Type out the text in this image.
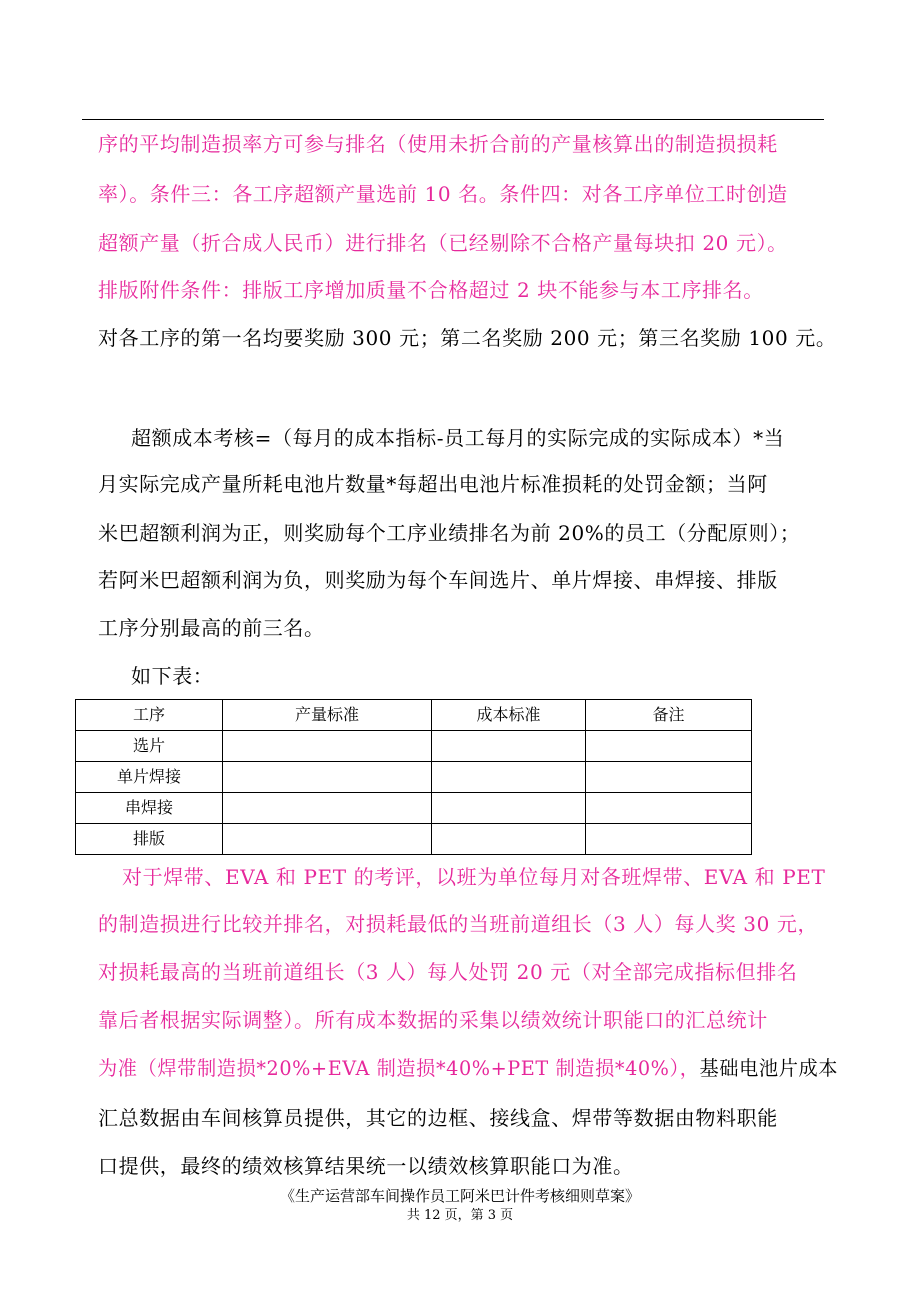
序的平均制造损率方可参与排名（使用未折合前的产量核算出的制造损损耗
率）。条件三：各工序超额产量选前 10 名。条件四：对各工序单位工时创造
超额产量（折合成人民币）进行排名（已经剔除不合格产量每块扣 20 元）。
排版附件条件：排版工序增加质量不合格超过 2 块不能参与本工序排名。
对各工序的第一名均要奖励 300 元；第二名奖励 200 元；第三名奖励 100 元。
超额成本考核=（每月的成本指标-员工每月的实际完成的实际成本）*当
月实际完成产量所耗电池片数量*每超出电池片标准损耗的处罚金额；当阿
米巴超额利润为正，则奖励每个工序业绩排名为前 20%的员工（分配原则）；
若阿米巴超额利润为负，则奖励为每个车间选片、单片焊接、串焊接、排版
工序分别最高的前三名。
如下表：
工序	产量标准	成本标准	备注
选片			
单片焊接			
串焊接			
排版			
对于焊带、EVA 和 PET 的考评，以班为单位每月对各班焊带、EVA 和 PET
的制造损进行比较并排名，对损耗最低的当班前道组长（3 人）每人奖 30 元，
对损耗最高的当班前道组长（3 人）每人处罚 20 元（对全部完成指标但排名
靠后者根据实际调整）。所有成本数据的采集以绩效统计职能口的汇总统计
为准（焊带制造损*20%+EVA 制造损*40%+PET 制造损*40%），基础电池片成本
汇总数据由车间核算员提供，其它的边框、接线盒、焊带等数据由物料职能
口提供，最终的绩效核算结果统一以绩效核算职能口为准。
《生产运营部车间操作员工阿米巴计件考核细则草案》
共 12 页，第 3 页
